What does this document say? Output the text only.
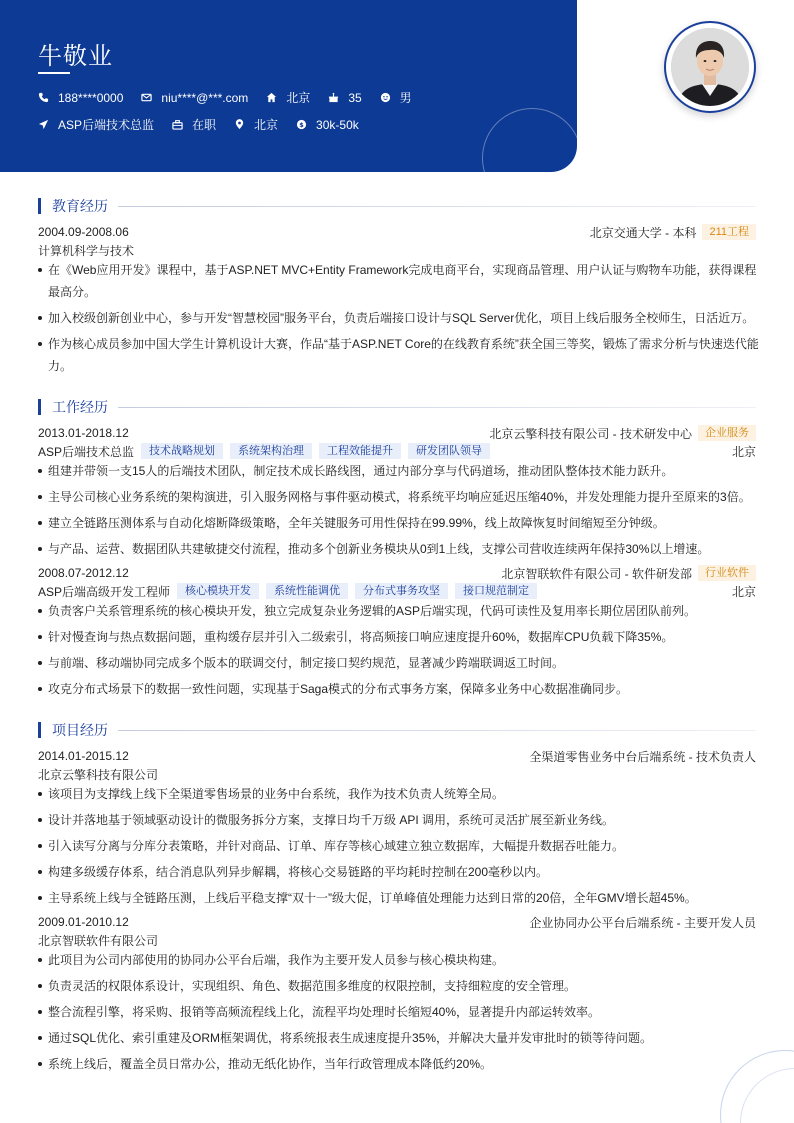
牛敬业
188****0000	niu****@***.com	北京	35	男
ASP后端技术总监	在职	北京	$ 30k-50k
教育经历
2004.09-2008.06	北京交通大学 - 本科	211工程
计算机科学与技术
在《Web应用开发》课程中，基于ASP.NET MVC+Entity Framework完成电商平台，实现商品管理、用户认证与购物车功能，获得课程最高分。
加入校级创新创业中心，参与开发“智慧校园”服务平台，负责后端接口设计与SQL Server优化，项目上线后服务全校师生，日活近万。
作为核心成员参加中国大学生计算机设计大赛，作品“基于ASP.NET Core的在线教育系统”获全国三等奖，锻炼了需求分析与快速迭代能力。
工作经历
2013.01-2018.12	北京云擎科技有限公司 - 技术研发中心	企业服务
ASP后端技术总监	技术战略规划	系统架构治理	工程效能提升	研发团队领导	北京
组建并带领一支15人的后端技术团队，制定技术成长路线图，通过内部分享与代码道场，推动团队整体技术能力跃升。
主导公司核心业务系统的架构演进，引入服务网格与事件驱动模式，将系统平均响应延迟压缩40%，并发处理能力提升至原来的3倍。
建立全链路压测体系与自动化熔断降级策略，全年关键服务可用性保持在99.99%，线上故障恢复时间缩短至分钟级。
与产品、运营、数据团队共建敏捷交付流程，推动多个创新业务模块从0到1上线，支撑公司营收连续两年保持30%以上增速。
2008.07-2012.12	北京智联软件有限公司 - 软件研发部	行业软件
ASP后端高级开发工程师	核心模块开发	系统性能调优	分布式事务攻坚	接口规范制定	北京
负责客户关系管理系统的核心模块开发，独立完成复杂业务逻辑的ASP后端实现，代码可读性及复用率长期位居团队前列。
针对慢查询与热点数据问题，重构缓存层并引入二级索引，将高频接口响应速度提升60%，数据库CPU负载下降35%。
与前端、移动端协同完成多个版本的联调交付，制定接口契约规范，显著减少跨端联调返工时间。
攻克分布式场景下的数据一致性问题，实现基于Saga模式的分布式事务方案，保障多业务中心数据准确同步。
项目经历
2014.01-2015.12	全渠道零售业务中台后端系统 - 技术负责人
北京云擎科技有限公司
该项目为支撑线上线下全渠道零售场景的业务中台系统，我作为技术负责人统筹全局。
设计并落地基于领域驱动设计的微服务拆分方案，支撑日均千万级 API 调用，系统可灵活扩展至新业务线。
引入读写分离与分库分表策略，并针对商品、订单、库存等核心域建立独立数据库，大幅提升数据吞吐能力。
构建多级缓存体系，结合消息队列异步解耦，将核心交易链路的平均耗时控制在200毫秒以内。
主导系统上线与全链路压测，上线后平稳支撑“双十一”级大促，订单峰值处理能力达到日常的20倍，全年GMV增长超45%。
2009.01-2010.12	企业协同办公平台后端系统 - 主要开发人员
北京智联软件有限公司
此项目为公司内部使用的协同办公平台后端，我作为主要开发人员参与核心模块构建。
负责灵活的权限体系设计，实现组织、角色、数据范围多维度的权限控制，支持细粒度的安全管理。
整合流程引擎，将采购、报销等高频流程线上化，流程平均处理时长缩短40%，显著提升内部运转效率。
通过SQL优化、索引重建及ORM框架调优，将系统报表生成速度提升35%，并解决大量并发审批时的锁等待问题。
系统上线后，覆盖全员日常办公，推动无纸化协作，当年行政管理成本降低约20%。
